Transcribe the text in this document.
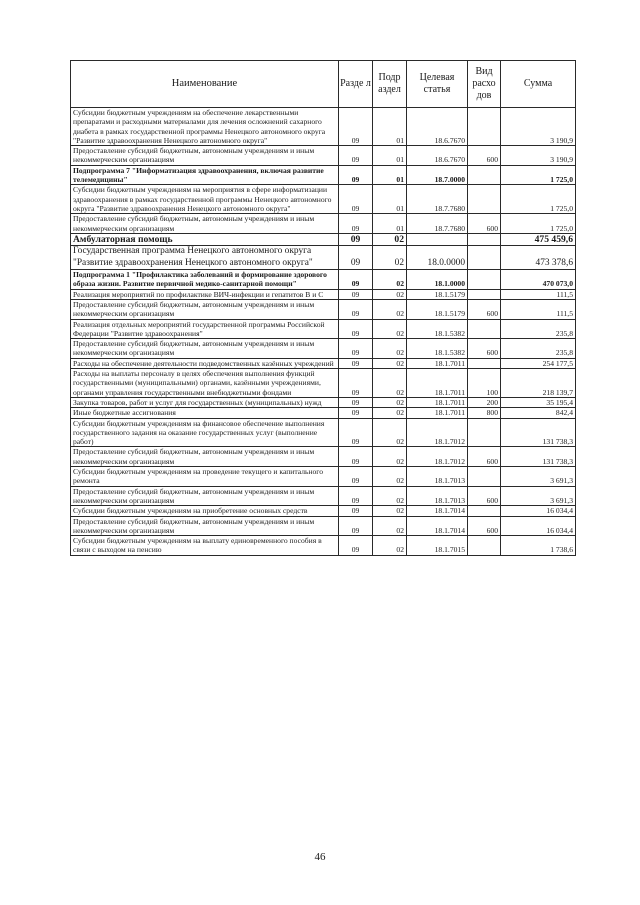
Наименование	Разде л	Подр аздел	Целевая статья	Вид расхо дов	Сумма
Субсидии бюджетным учреждениям на обеспечение лекарственными препаратами и расходными материалами для лечения осложнений сахарного диабета в рамках государственной программы Ненецкого автономного округа "Развитие здравоохранения Ненецкого автономного округа"	09	01	18.6.7670		3 190,9
Предоставление субсидий бюджетным, автономным учреждениям и иным некоммерческим организациям	09	01	18.6.7670	600	3 190,9
Подпрограмма 7 "Информатизация здравоохранения, включая развитие телемедицины"	09	01	18.7.0000		1 725,0
Субсидии бюджетным учреждениям на мероприятия в сфере информатизации здравоохранения в рамках государственной программы Ненецкого автономного округа "Развитие здравоохранения Ненецкого автономного округа"	09	01	18.7.7680		1 725,0
Предоставление субсидий бюджетным, автономным учреждениям и иным некоммерческим организациям	09	01	18.7.7680	600	1 725,0
Амбулаторная помощь	09	02			475 459,6
Государственная программа Ненецкого автономного округа "Развитие здравоохранения Ненецкого автономного округа"	09	02	18.0.0000		473 378,6
Подпрограмма 1 "Профилактика заболеваний и формирование здорового образа жизни. Развитие первичной медико-санитарной помощи"	09	02	18.1.0000		470 073,0
Реализация мероприятий по профилактике ВИЧ-инфекции и гепатитов В и С	09	02	18.1.5179		111,5
Предоставление субсидий бюджетным, автономным учреждениям и иным некоммерческим организациям	09	02	18.1.5179	600	111,5
Реализация отдельных мероприятий государственной программы Российской Федерации "Развитие здравоохранения"	09	02	18.1.5382		235,8
Предоставление субсидий бюджетным, автономным учреждениям и иным некоммерческим организациям	09	02	18.1.5382	600	235,8
Расходы на обеспечение деятельности подведомственных казённых учреждений	09	02	18.1.7011		254 177,5
Расходы на выплаты персоналу в целях обеспечения выполнения функций государственными (муниципальными) органами, казёнными учреждениями, органами управления государственными внебюджетными фондами	09	02	18.1.7011	100	218 139,7
Закупка товаров, работ и услуг для государственных (муниципальных) нужд	09	02	18.1.7011	200	35 195,4
Иные бюджетные ассигнования	09	02	18.1.7011	800	842,4
Субсидии бюджетным учреждениям на финансовое обеспечение выполнения государственного задания на оказание государственных услуг (выполнение работ)	09	02	18.1.7012		131 738,3
Предоставление субсидий бюджетным, автономным учреждениям и иным некоммерческим организациям	09	02	18.1.7012	600	131 738,3
Субсидии бюджетным учреждениям на проведение текущего и капитального ремонта	09	02	18.1.7013		3 691,3
Предоставление субсидий бюджетным, автономным учреждениям и иным некоммерческим организациям	09	02	18.1.7013	600	3 691,3
Субсидии бюджетным учреждениям на приобретение основных средств	09	02	18.1.7014		16 034,4
Предоставление субсидий бюджетным, автономным учреждениям и иным некоммерческим организациям	09	02	18.1.7014	600	16 034,4
Субсидии бюджетным учреждениям на выплату единовременного пособия в связи с выходом на пенсию	09	02	18.1.7015		1 738,6
46
